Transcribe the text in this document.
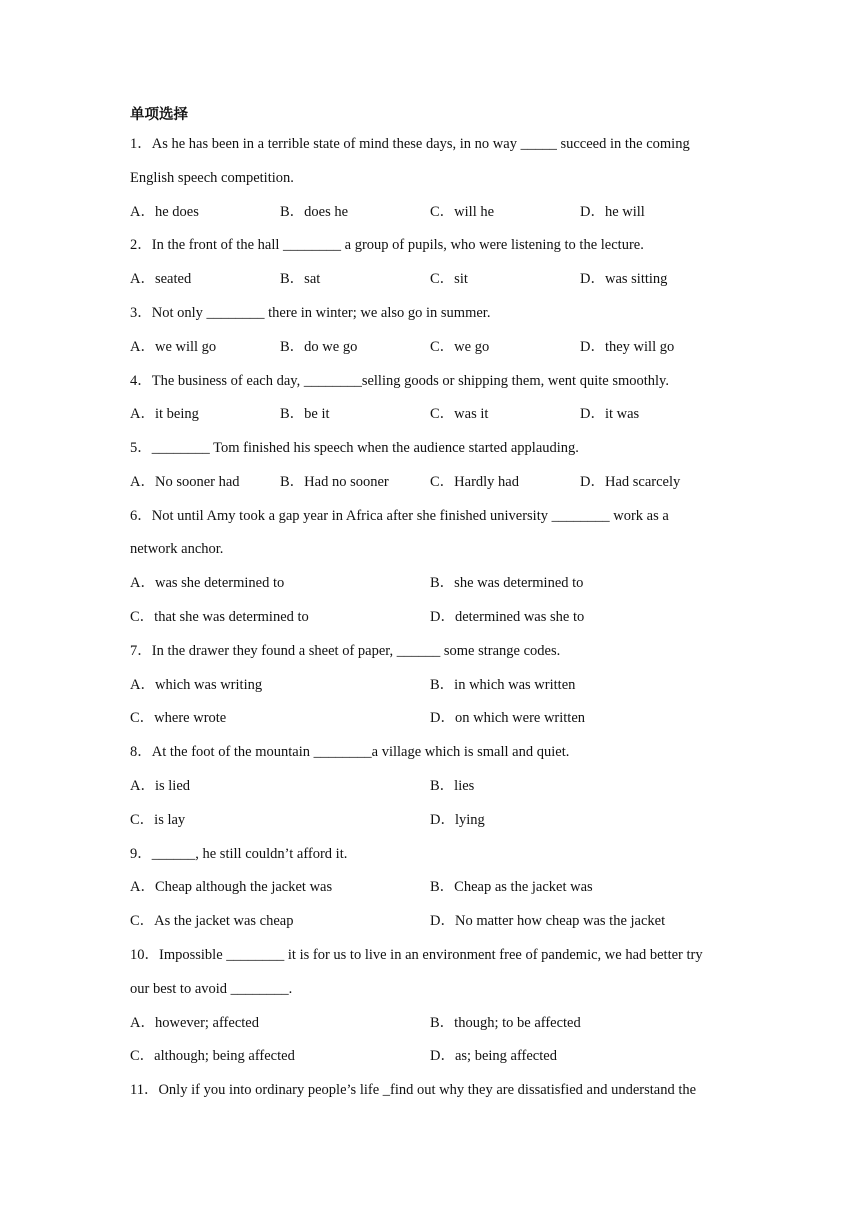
单项选择
1．As he has been in a terrible state of mind these days, in no way _____ succeed in the coming
English speech competition.
A．he does	B．does he	C．will he	D．he will
2．In the front of the hall ________ a group of pupils, who were listening to the lecture.
A．seated	B．sat	C．sit	D．was sitting
3．Not only ________ there in winter; we also go in summer.
A．we will go	B．do we go	C．we go	D．they will go
4．The business of each day, ________selling goods or shipping them, went quite smoothly.
A．it being	B．be it	C．was it	D．it was
5．________ Tom finished his speech when the audience started applauding.
A．No sooner had	B．Had no sooner	C．Hardly had	D．Had scarcely
6．Not until Amy took a gap year in Africa after she finished university ________ work as a
network anchor.
A．was she determined to	B．she was determined to
C．that she was determined to	D．determined was she to
7．In the drawer they found a sheet of paper, ______ some strange codes.
A．which was writing	B．in which was written
C．where wrote	D．on which were written
8．At the foot of the mountain ________a village which is small and quiet.
A．is lied	B．lies
C．is lay	D．lying
9．______, he still couldn’t afford it.
A．Cheap although the jacket was	B．Cheap as the jacket was
C．As the jacket was cheap	D．No matter how cheap was the jacket
10．Impossible ________ it is for us to live in an environment free of pandemic, we had better try
our best to avoid ________.
A．however; affected	B．though; to be affected
C．although; being affected	D．as; being affected
11．Only if you into ordinary people’s life _find out why they are dissatisfied and understand the
